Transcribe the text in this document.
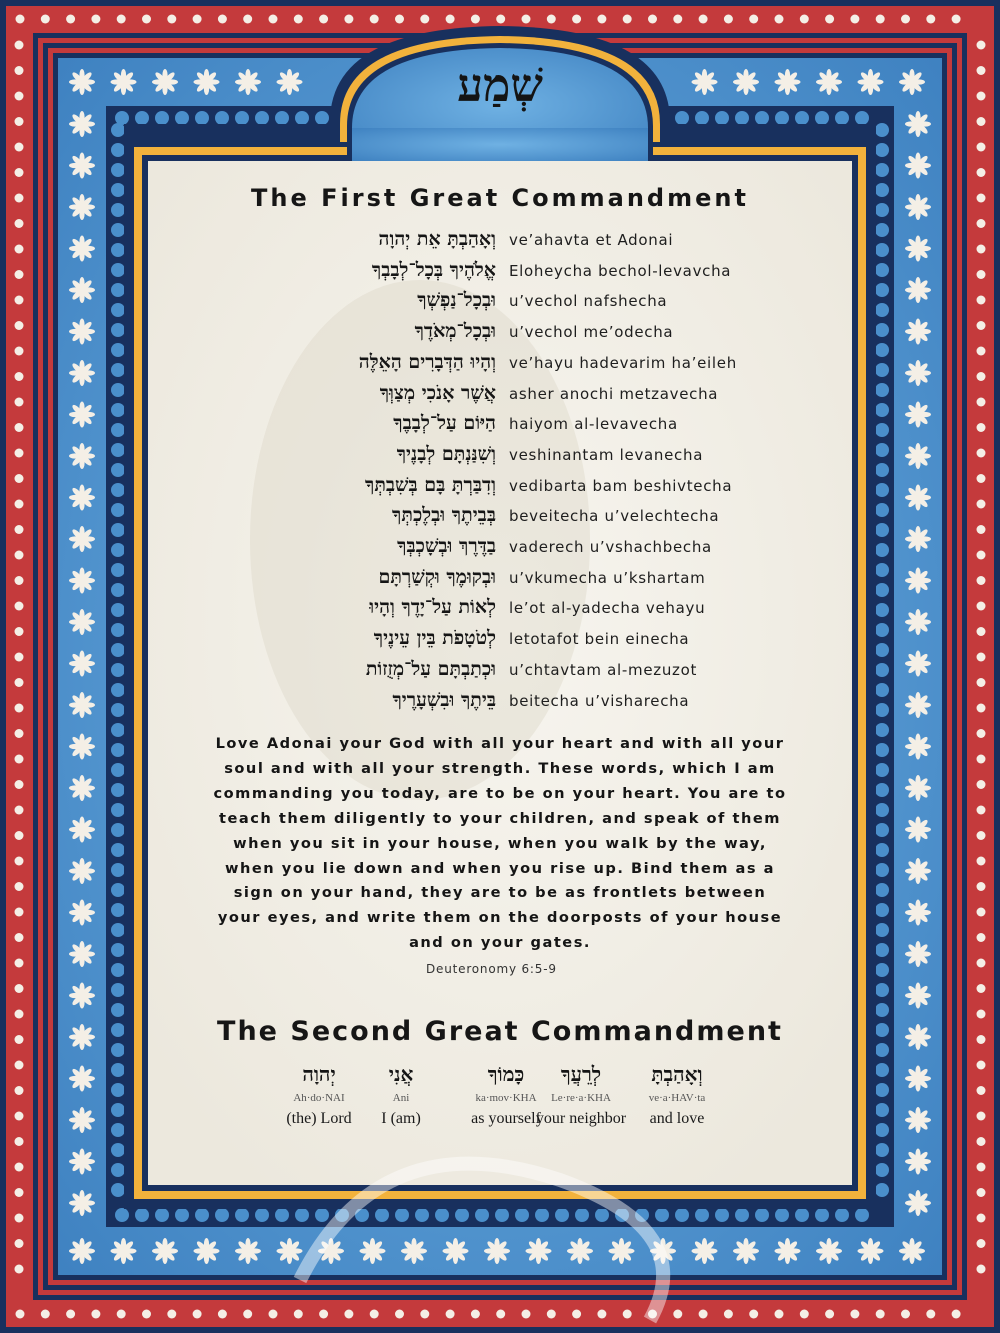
שְׁמַע
The First Great Commandment
וְאָהַבְתָּ אֵת יְהוָה ve’ahavta et Adonai
אֱלֹהֶיךָ בְּכָל־לְבָבְךָ Eloheycha bechol-levavcha
וּבְכָל־נַפְשְׁךָ u’vechol nafshecha
וּבְכָל־מְאֹדֶךָ u’vechol me’odecha
וְהָיוּ הַדְּבָרִים הָאֵלֶּה ve’hayu hadevarim ha’eileh
אֲשֶׁר אָנֹכִי מְצַוְּךָ asher anochi metzavecha
הַיּוֹם עַל־לְבָבֶךָ haiyom al-levavecha
וְשִׁנַּנְתָּם לְבָנֶיךָ veshinantam levanecha
וְדִבַּרְתָּ בָּם בְּשִׁבְתְּךָ vedibarta bam beshivtecha
בְּבֵיתֶךָ וּבְלֶכְתְּךָ beveitecha u’velechtecha
בַדֶּרֶךְ וּבְשָׁכְבְּךָ vaderech u’vshachbecha
וּבְקוּמֶךָ וּקְשַׁרְתָּם u’vkumecha u’kshartam
לְאוֹת עַל־יָדֶךָ וְהָיוּ le’ot al-yadecha vehayu
לְטֹטָפֹת בֵּין עֵינֶיךָ letotafot bein einecha
וּכְתַבְתָּם עַל־מְזֻזוֹת u’chtavtam al-mezuzot
בֵּיתֶךָ וּבִשְׁעָרֶיךָ beitecha u’visharecha
Love Adonai your God with all your heart and with all your soul and with all your strength. These words, which I am commanding you today, are to be on your heart. You are to teach them diligently to your children, and speak of them when you sit in your house, when you walk by the way, when you lie down and when you rise up. Bind them as a sign on your hand, they are to be as frontlets between your eyes, and write them on the doorposts of your house and on your gates.
Deuteronomy 6:5-9
The Second Great Commandment
יְהוָה
Ah·do·NAI
(the) Lord
אֲנִי
Ani
I (am)
כָּמוֹךָ
ka·mov·KHA
as yourself
לְרֵעֲךָ
Le·re·a·KHA
your neighbor
וְאָהַבְתָּ
ve·a·HAV·ta
and love
